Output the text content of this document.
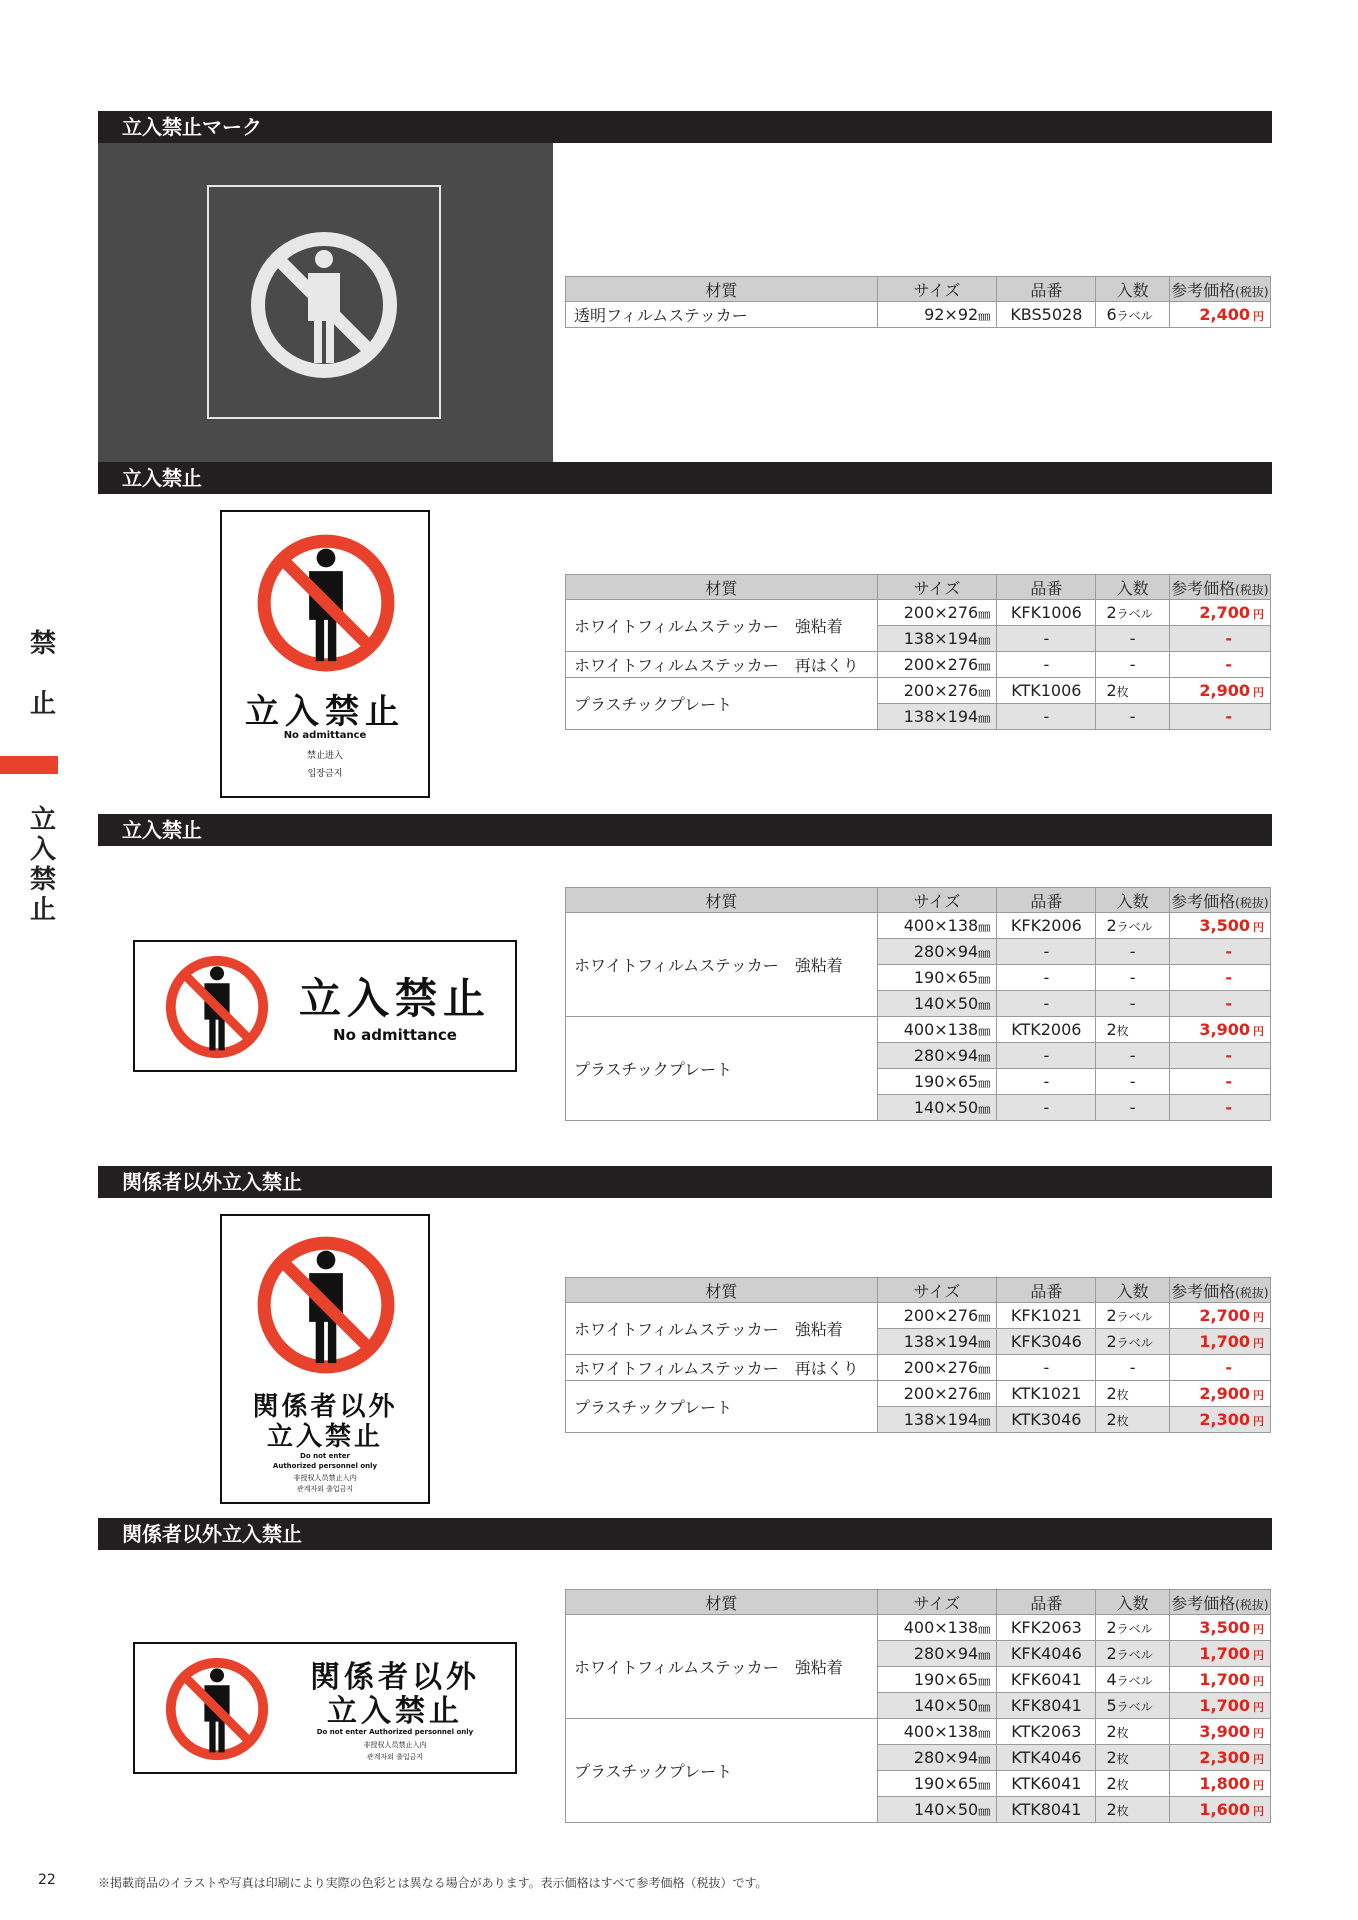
禁
止
立
入
禁
止
立入禁止マーク
材質	サイズ	品番	入数	参考価格(税抜)
透明フィルムステッカー	92×92㎜	KBS5028	6ラベル	2,400 円
立入禁止
立入禁止
No admittance
禁止进入
입장금지
材質	サイズ	品番	入数	参考価格(税抜)
ホワイトフィルムステッカー　強粘着	200×276㎜	KFK1006	2ラベル	2,700 円
	138×194㎜	-	-	-
ホワイトフィルムステッカー　再はくり	200×276㎜	-	-	-
プラスチックプレート	200×276㎜	KTK1006	2枚	2,900 円
	138×194㎜	-	-	-
立入禁止
立入禁止
No admittance
材質	サイズ	品番	入数	参考価格(税抜)
ホワイトフィルムステッカー　強粘着	400×138㎜	KFK2006	2ラベル	3,500 円
	280×94㎜	-	-	-
	190×65㎜	-	-	-
	140×50㎜	-	-	-
プラスチックプレート	400×138㎜	KTK2006	2枚	3,900 円
	280×94㎜	-	-	-
	190×65㎜	-	-	-
	140×50㎜	-	-	-
関係者以外立入禁止
関係者以外
立入禁止
Do not enter
Authorized personnel only
非授权人员禁止入内
관계자외 출입금지
材質	サイズ	品番	入数	参考価格(税抜)
ホワイトフィルムステッカー　強粘着	200×276㎜	KFK1021	2ラベル	2,700 円
	138×194㎜	KFK3046	2ラベル	1,700 円
ホワイトフィルムステッカー　再はくり	200×276㎜	-	-	-
プラスチックプレート	200×276㎜	KTK1021	2枚	2,900 円
	138×194㎜	KTK3046	2枚	2,300 円
関係者以外立入禁止
関係者以外
立入禁止
Do not enter Authorized personnel only
非授权人员禁止入内
관계자외 출입금지
材質	サイズ	品番	入数	参考価格(税抜)
ホワイトフィルムステッカー　強粘着	400×138㎜	KFK2063	2ラベル	3,500 円
	280×94㎜	KFK4046	2ラベル	1,700 円
	190×65㎜	KFK6041	4ラベル	1,700 円
	140×50㎜	KFK8041	5ラベル	1,700 円
プラスチックプレート	400×138㎜	KTK2063	2枚	3,900 円
	280×94㎜	KTK4046	2枚	2,300 円
	190×65㎜	KTK6041	2枚	1,800 円
	140×50㎜	KTK8041	2枚	1,600 円
22	※掲載商品のイラストや写真は印刷により実際の色彩とは異なる場合があります。表示価格はすべて参考価格（税抜）です。
